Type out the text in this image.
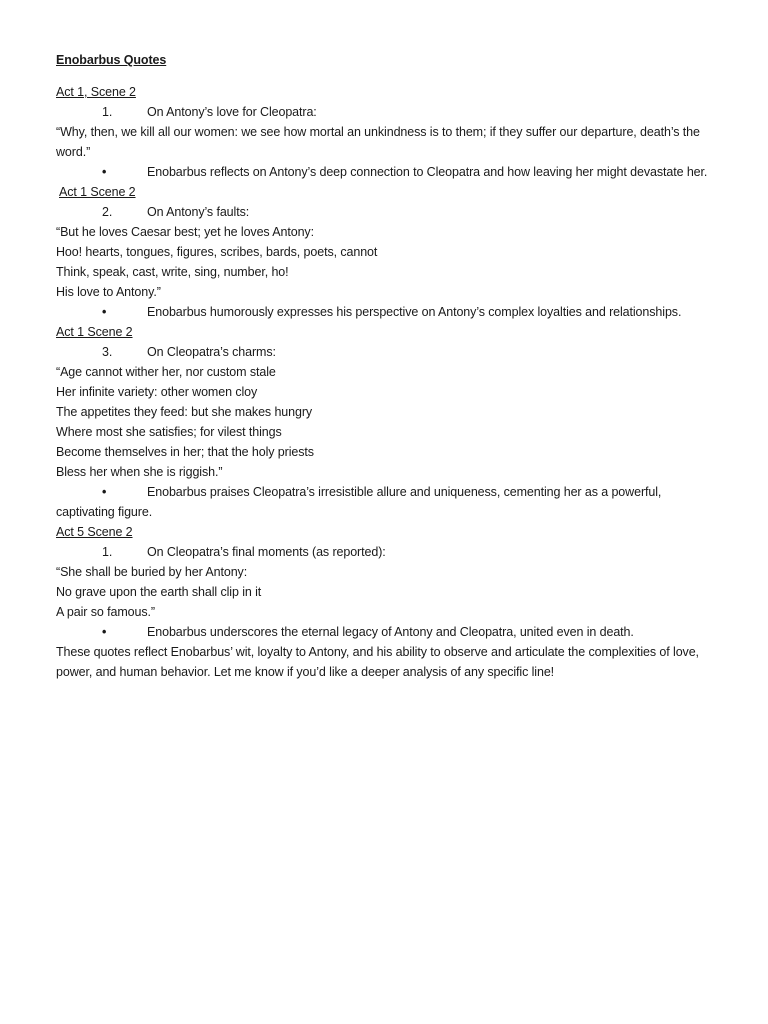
Enobarbus Quotes
Act 1, Scene 2
1.	On Antony’s love for Cleopatra:
“Why, then, we kill all our women: we see how mortal an unkindness is to them; if they suffer our departure, death’s the word.”
•	Enobarbus reflects on Antony’s deep connection to Cleopatra and how leaving her might devastate her.
Act 1 Scene 2
2.	On Antony’s faults:
“But he loves Caesar best; yet he loves Antony:
Hoo! hearts, tongues, figures, scribes, bards, poets, cannot
Think, speak, cast, write, sing, number, ho!
His love to Antony.”
•	Enobarbus humorously expresses his perspective on Antony’s complex loyalties and relationships.
Act 1 Scene 2
3.	On Cleopatra’s charms:
“Age cannot wither her, nor custom stale
Her infinite variety: other women cloy
The appetites they feed: but she makes hungry
Where most she satisfies; for vilest things
Become themselves in her; that the holy priests
Bless her when she is riggish.”
•	Enobarbus praises Cleopatra’s irresistible allure and uniqueness, cementing her as a powerful, captivating figure.
Act 5 Scene 2
1.	On Cleopatra’s final moments (as reported):
“She shall be buried by her Antony:
No grave upon the earth shall clip in it
A pair so famous.”
•	Enobarbus underscores the eternal legacy of Antony and Cleopatra, united even in death.
These quotes reflect Enobarbus’ wit, loyalty to Antony, and his ability to observe and articulate the complexities of love, power, and human behavior. Let me know if you’d like a deeper analysis of any specific line!
